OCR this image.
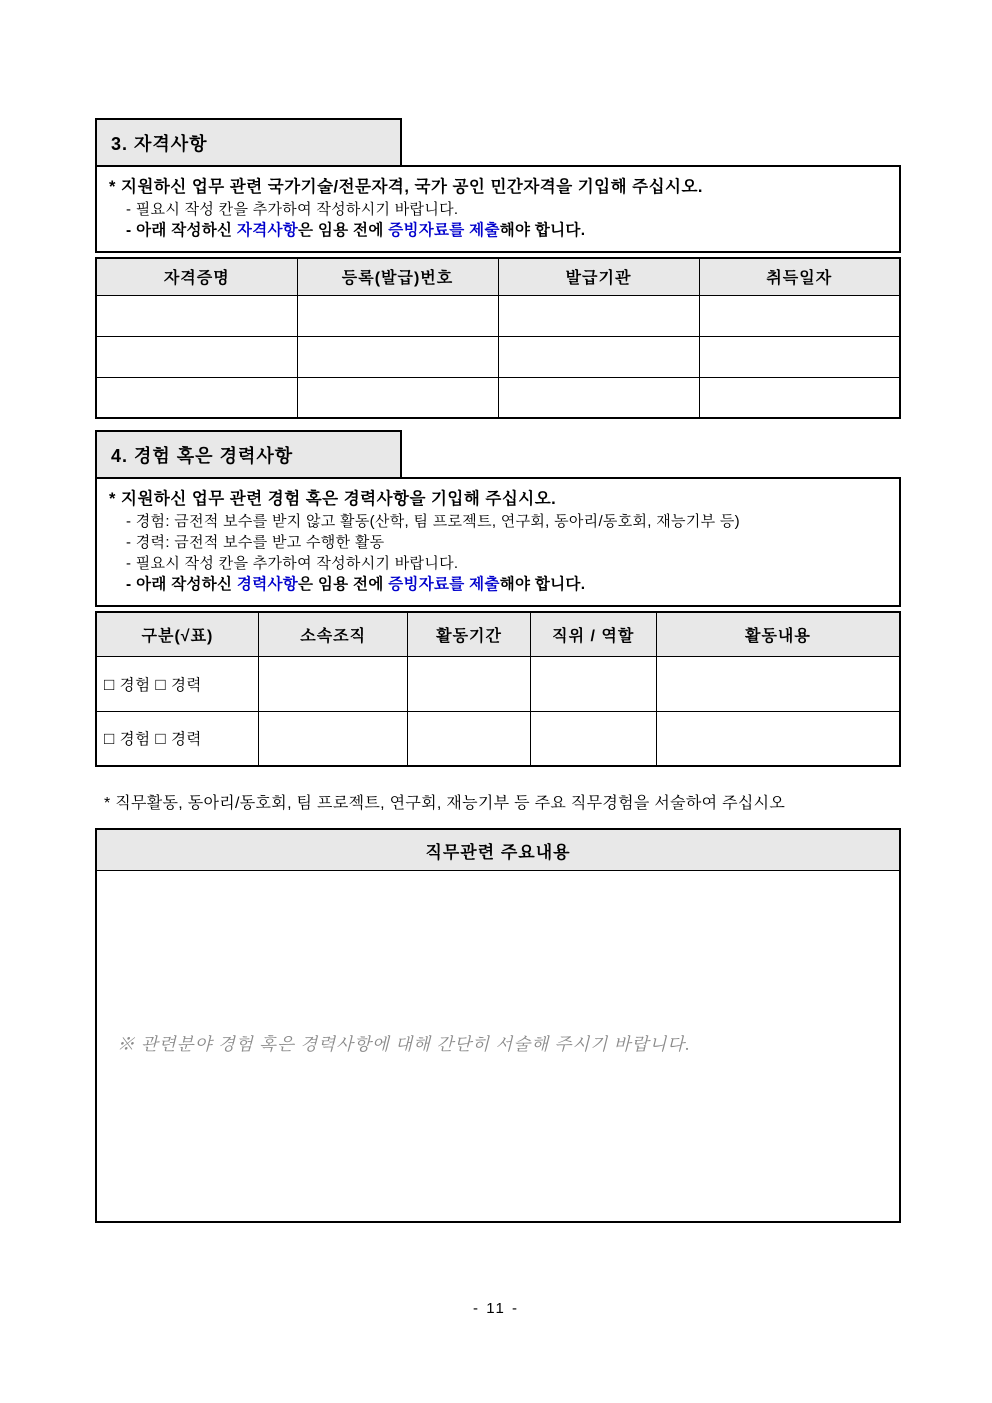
3. 자격사항
* 지원하신 업무 관련 국가기술/전문자격, 국가 공인 민간자격을 기입해 주십시오.
- 필요시 작성 칸을 추가하여 작성하시기 바랍니다.
- 아래 작성하신 자격사항은 임용 전에 증빙자료를 제출해야 합니다.
자격증명	등록(발급)번호	발급기관	취득일자

4. 경험 혹은 경력사항
* 지원하신 업무 관련 경험 혹은 경력사항을 기입해 주십시오.
- 경험: 금전적 보수를 받지 않고 활동(산학, 팀 프로젝트, 연구회, 동아리/동호회, 재능기부 등)
- 경력: 금전적 보수를 받고 수행한 활동
- 필요시 작성 칸을 추가하여 작성하시기 바랍니다.
- 아래 작성하신 경력사항은 임용 전에 증빙자료를 제출해야 합니다.
구분(√표)	소속조직	활동기간	직위 / 역할	활동내용
□ 경험 □ 경력				
□ 경험 □ 경력				
* 직무활동, 동아리/동호회, 팀 프로젝트, 연구회, 재능기부 등 주요 직무경험을 서술하여 주십시오
직무관련 주요내용
※ 관련분야 경험 혹은 경력사항에 대해 간단히 서술해 주시기 바랍니다.
- 11 -
